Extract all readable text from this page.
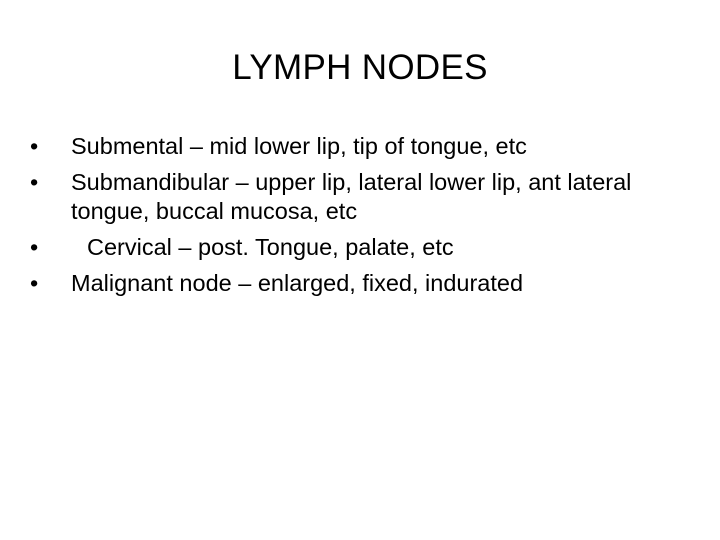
LYMPH NODES
•	Submental – mid lower lip, tip of tongue, etc
•	Submandibular – upper lip, lateral lower lip, ant lateral tongue, buccal mucosa, etc
•	Cervical – post. Tongue, palate, etc
•	Malignant node – enlarged, fixed, indurated
